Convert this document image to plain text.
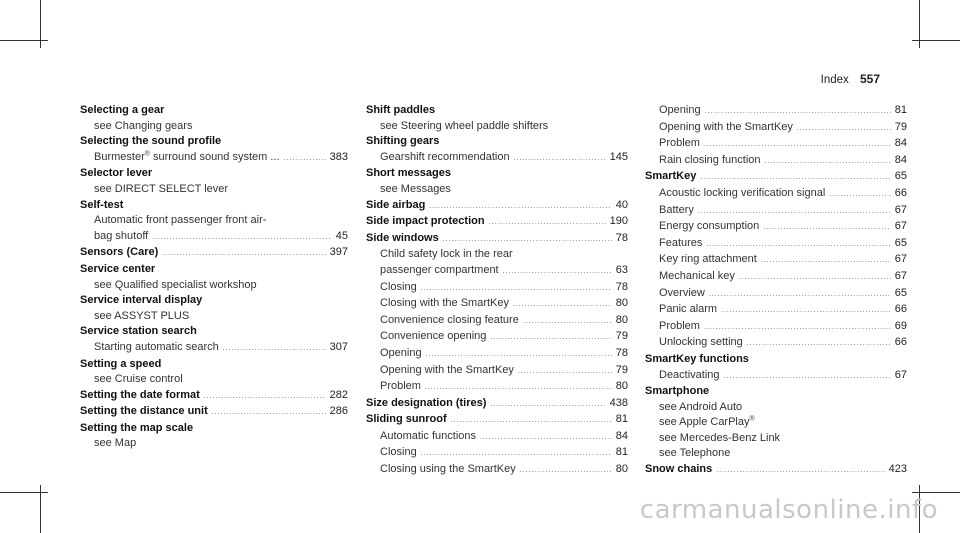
Index 557
Selecting a gear
see Changing gears
Selecting the sound profile
Burmester® surround sound system ... . . .	383
Selector lever
see DIRECT SELECT lever
Self-test
Automatic front passenger front air-
bag shutoff . . .	45
Sensors (Care) . . .	397
Service center
see Qualified specialist workshop
Service interval display
see ASSYST PLUS
Service station search
Starting automatic search . . .	307
Setting a speed
see Cruise control
Setting the date format . . .	282
Setting the distance unit . . .	286
Setting the map scale
see Map
Shift paddles
see Steering wheel paddle shifters
Shifting gears
Gearshift recommendation . . .	145
Short messages
see Messages
Side airbag . . .	40
Side impact protection . . .	190
Side windows . . .	78
Child safety lock in the rear
passenger compartment . . .	63
Closing . . .	78
Closing with the SmartKey . . .	80
Convenience closing feature . . .	80
Convenience opening . . .	79
Opening . . .	78
Opening with the SmartKey . . .	79
Problem . . .	80
Size designation (tires) . . .	438
Sliding sunroof . . .	81
Automatic functions . . .	84
Closing . . .	81
Closing using the SmartKey . . .	80
Opening . . .	81
Opening with the SmartKey . . .	79
Problem . . .	84
Rain closing function . . .	84
SmartKey . . .	65
Acoustic locking verification signal . . .	66
Battery . . .	67
Energy consumption . . .	67
Features . . .	65
Key ring attachment . . .	67
Mechanical key . . .	67
Overview . . .	65
Panic alarm . . .	66
Problem . . .	69
Unlocking setting . . .	66
SmartKey functions
Deactivating . . .	67
Smartphone
see Android Auto
see Apple CarPlay®
see Mercedes-Benz Link
see Telephone
Snow chains . . .	423
carmanualsonline.info
